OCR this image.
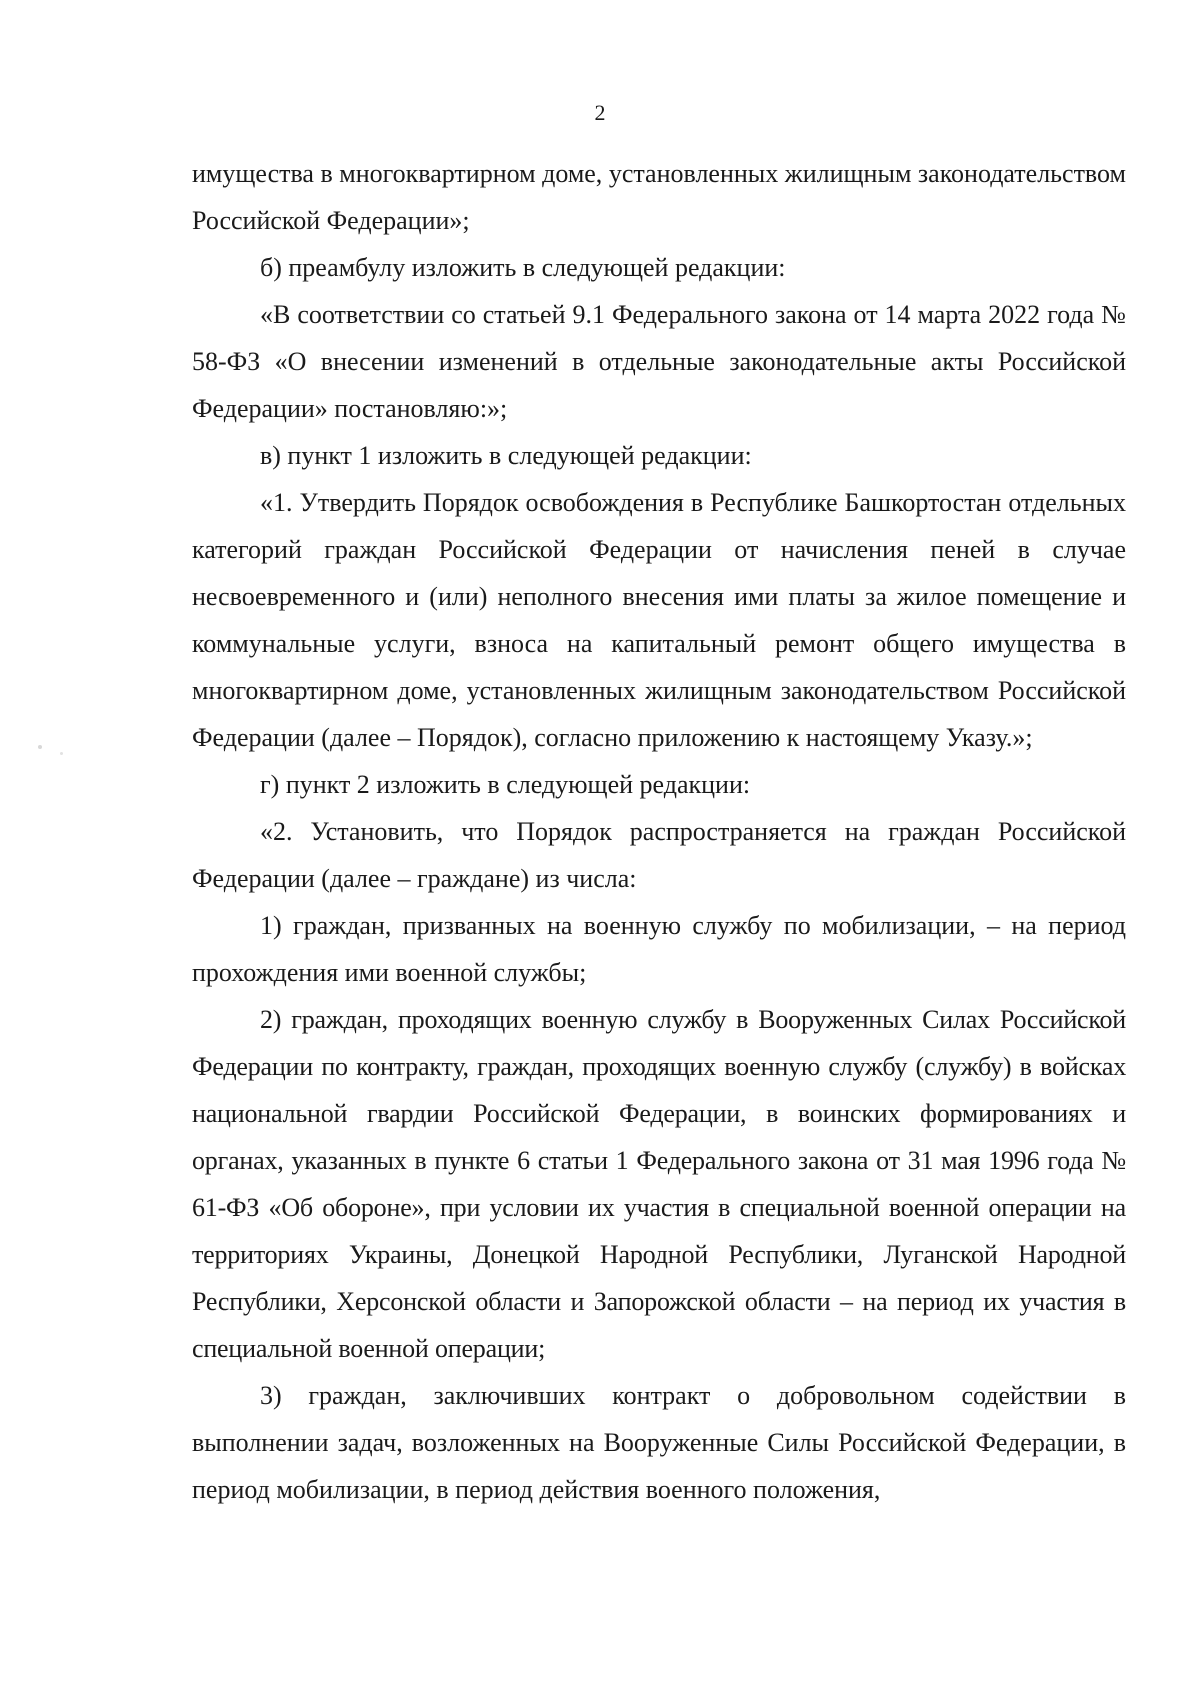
2

имущества в многоквартирном доме, установленных жилищным законодательством Российской Федерации»;

б) преамбулу изложить в следующей редакции:

«В соответствии со статьей 9.1 Федерального закона от 14 марта 2022 года № 58-ФЗ «О внесении изменений в отдельные законодательные акты Российской Федерации» постановляю:»;

в) пункт 1 изложить в следующей редакции:

«1. Утвердить Порядок освобождения в Республике Башкортостан отдельных категорий граждан Российской Федерации от начисления пеней в случае несвоевременного и (или) неполного внесения ими платы за жилое помещение и коммунальные услуги, взноса на капитальный ремонт общего имущества в многоквартирном доме, установленных жилищным законодательством Российской Федерации (далее – Порядок), согласно приложению к настоящему Указу.»;

г) пункт 2 изложить в следующей редакции:

«2. Установить, что Порядок распространяется на граждан Российской Федерации (далее – граждане) из числа:

1) граждан, призванных на военную службу по мобилизации, – на период прохождения ими военной службы;

2) граждан, проходящих военную службу в Вооруженных Силах Российской Федерации по контракту, граждан, проходящих военную службу (службу) в войсках национальной гвардии Российской Федерации, в воинских формированиях и органах, указанных в пункте 6 статьи 1 Федерального закона от 31 мая 1996 года № 61-ФЗ «Об обороне», при условии их участия в специальной военной операции на территориях Украины, Донецкой Народной Республики, Луганской Народной Республики, Херсонской области и Запорожской области – на период их участия в специальной военной операции;

3) граждан, заключивших контракт о добровольном содействии в выполнении задач, возложенных на Вооруженные Силы Российской Федерации, в период мобилизации, в период действия военного положения,
